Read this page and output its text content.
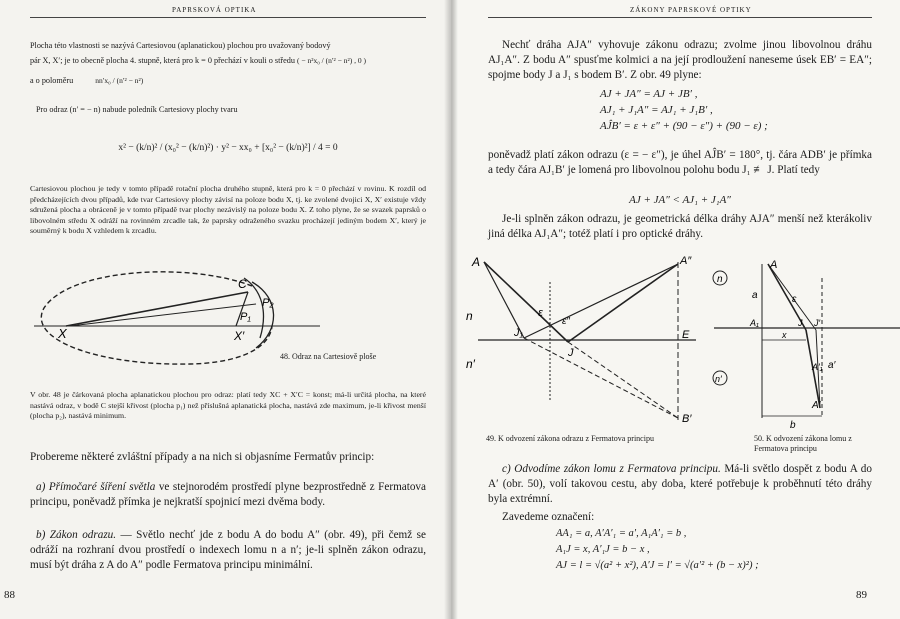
PAPRSKOVÁ OPTIKA
Plocha této vlastnosti se nazývá Cartesiovou (aplanatickou) plochou pro uvažovaný bodový
pár X, X′; je to obecně plocha 4. stupně, která pro k = 0 přechází v kouli o středu ( − n²x₀ / (n′² − n²) , 0 )
a o poloměru	nn′x₀ / (n′² − n²)
Pro odraz (n′ = − n) nabude poledník Cartesiovy plochy tvaru
x² − (k/n)² / (x₀² − (k/n)²) · y² − xx₀ + [x₀² − (k/n)²] / 4 = 0
Cartesiovou plochou je tedy v tomto případě rotační plocha druhého stupně, která pro k = 0 přechází v rovinu. K rozdíl od předcházejících dvou případů, kde tvar Cartesiovy plochy závisí na poloze bodu X, tj. ke zvolené dvojici X, X′ existuje vždy sdružená plocha a obráceně je v tomto případě tvar plochy nezávislý na poloze bodu X. Z toho plyne, že se svazek paprsků o libovolném středu X odráží na rovinném zrcadle tak, že paprsky odraženého svazku procházejí jediným bodem X′, který je souměrný k bodu X vzhledem k zrcadlu.
X	X′
C
P₁
P₂
48. Odraz na Cartesiově ploše
V obr. 48 je čárkovaná plocha aplanatickou plochou pro odraz: platí tedy XC + X′C = konst; má-li určitá plocha, na které nastává odraz, v bodě C stejší křivost (plocha p₁) než příslušná aplanatická plocha, nastává zde maximum, je-li křivost menší (plocha p₂), nastává minimum.
Probereme některé zvláštní případy a na nich si objasníme Fermatův princip:
a) Přímočaré šíření světla ve stejnorodém prostředí plyne bezprostředně z Fermatova principu, poněvadž přímka je nejkratší spojnicí mezi dvěma body.
b) Zákon odrazu. — Světlo nechť jde z bodu A do bodu A″ (obr. 49), při čemž se odráží na rozhraní dvou prostředí o indexech lomu n a n′; je-li splněn zákon odrazu, musí být dráha z A do A″ podle Fermatova principu minimální.
88
ZÁKONY PAPRSKOVÉ OPTIKY
Nechť dráha AJA″ vyhovuje zákonu odrazu; zvolme jinou libovolnou dráhu AJ₁A″. Z bodu A″ spusťme kolmici a na její prodloužení naneseme úsek EB′ = EA″; spojme body J a J₁ s bodem B′. Z obr. 49 plyne:
AJ + JA″ = AJ + JB′ ,
AJ₁ + J₁A″ = AJ₁ + J₁B′ ,
AĴB′ = ε + ε″ + (90 − ε″) + (90 − ε) ;
poněvadž platí zákon odrazu (ε = − ε″), je úhel AĴB′ = 180°, tj. čára ADB′ je přímka a tedy čára AJ₁B′ je lomená pro libovolnou polohu bodu J₁ ≢ J. Platí tedy
AJ + JA″ < AJ₁ + J₁A″
Je-li splněn zákon odrazu, je geometrická délka dráhy AJA″ menší než kterákoliv jiná délka AJ₁A″; totéž platí i pro optické dráhy.
A	A″
n
n′
J₁
J
E
B′
ε
ε″
n
n′
A
A₁	J J′
A′
A′₁
a
a′
x
b
ε
49. K odvození zákona odrazu z Fermatova principu	50. K odvození zákona lomu z Fermatova principu
c) Odvodíme zákon lomu z Fermatova principu. Má-li světlo dospět z bodu A do A′ (obr. 50), volí takovou cestu, aby doba, které potřebuje k proběhnutí této dráhy byla extrémní.
Zavedeme označení:
AA₁ = a, A′A′₁ = a′, A₁A′₁ = b ,
A₁J = x, A′₁J = b − x ,
AJ = l = √(a² + x²), A′J = l′ = √(a′² + (b − x)²) ;
89
